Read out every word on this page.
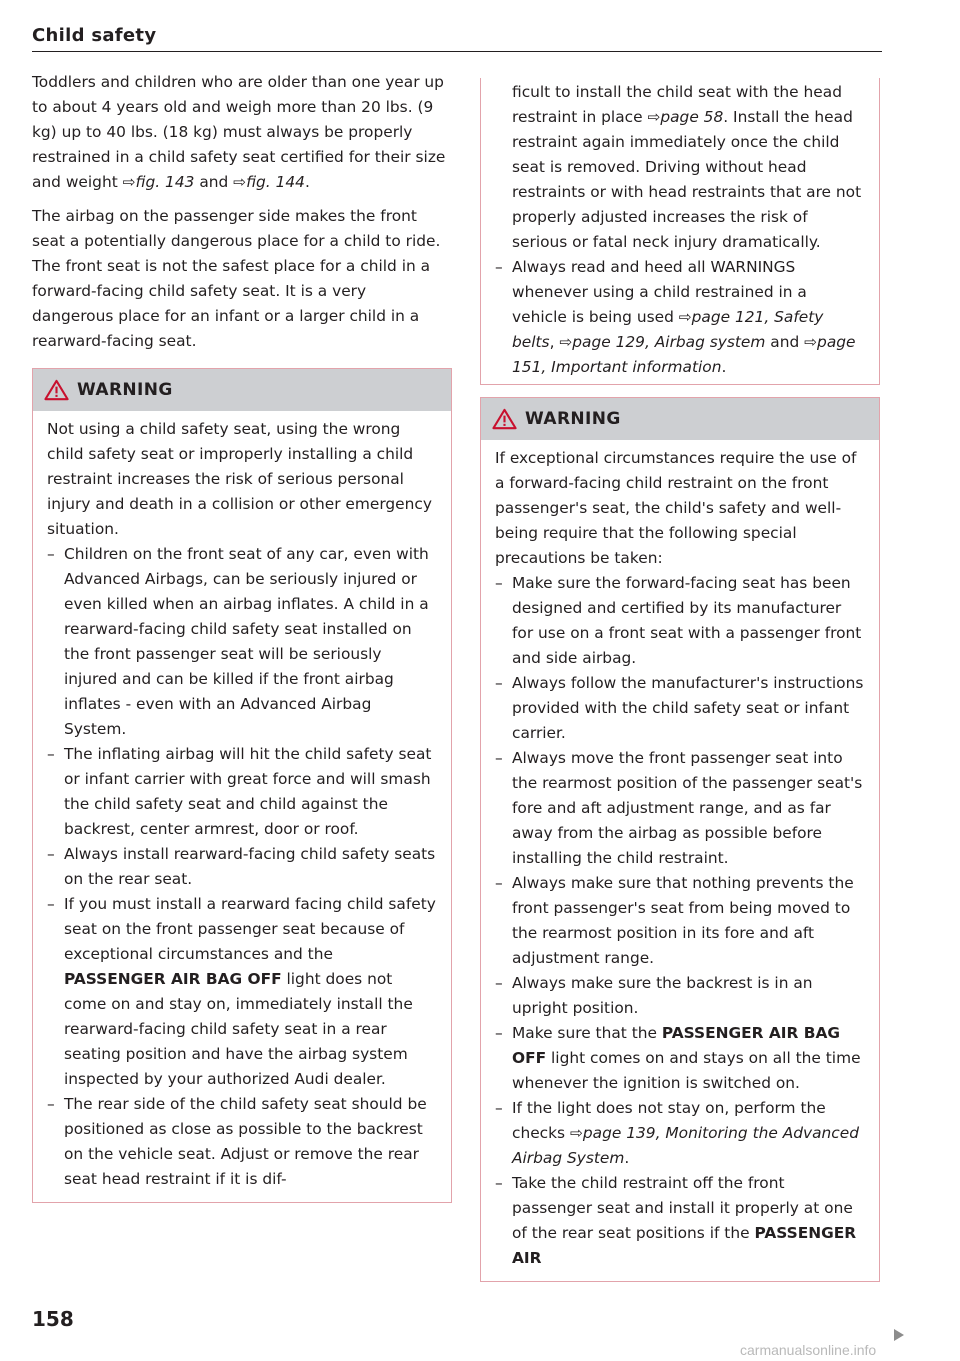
Child safety

Toddlers and children who are older than one year up to about 4 years old and weigh more than 20 lbs. (9 kg) up to 40 lbs. (18 kg) must always be properly restrained in a child safety seat certified for their size and weight ⇨fig. 143 and ⇨fig. 144.

The airbag on the passenger side makes the front seat a potentially dangerous place for a child to ride. The front seat is not the safest place for a child in a forward-facing child safety seat. It is a very dangerous place for an infant or a larger child in a rearward-facing seat.

WARNING

Not using a child safety seat, using the wrong child safety seat or improperly installing a child restraint increases the risk of serious personal injury and death in a collision or other emergency situation.

– Children on the front seat of any car, even with Advanced Airbags, can be seriously injured or even killed when an airbag inflates. A child in a rearward-facing child safety seat installed on the front passenger seat will be seriously injured and can be killed if the front airbag inflates - even with an Advanced Airbag System.
– The inflating airbag will hit the child safety seat or infant carrier with great force and will smash the child safety seat and child against the backrest, center armrest, door or roof.
– Always install rearward-facing child safety seats on the rear seat.
– If you must install a rearward facing child safety seat on the front passenger seat because of exceptional circumstances and the PASSENGER AIR BAG OFF light does not come on and stay on, immediately install the rearward-facing child safety seat in a rear seating position and have the airbag system inspected by your authorized Audi dealer.
– The rear side of the child safety seat should be positioned as close as possible to the backrest on the vehicle seat. Adjust or remove the rear seat head restraint if it is dif-

ficult to install the child seat with the head restraint in place ⇨page 58. Install the head restraint again immediately once the child seat is removed. Driving without head restraints or with head restraints that are not properly adjusted increases the risk of serious or fatal neck injury dramatically.

– Always read and heed all WARNINGS whenever using a child restrained in a vehicle is being used ⇨page 121, Safety belts, ⇨page 129, Airbag system and ⇨page 151, Important information.
WARNING

If exceptional circumstances require the use of a forward-facing child restraint on the front passenger's seat, the child's safety and well-being require that the following special precautions be taken:

– Make sure the forward-facing seat has been designed and certified by its manufacturer for use on a front seat with a passenger front and side airbag.
– Always follow the manufacturer's instructions provided with the child safety seat or infant carrier.
– Always move the front passenger seat into the rearmost position of the passenger seat's fore and aft adjustment range, and as far away from the airbag as possible before installing the child restraint.
– Always make sure that nothing prevents the front passenger's seat from being moved to the rearmost position in its fore and aft adjustment range.
– Always make sure the backrest is in an upright position.
– Make sure that the PASSENGER AIR BAG OFF light comes on and stays on all the time whenever the ignition is switched on.
– If the light does not stay on, perform the checks ⇨page 139, Monitoring the Advanced Airbag System.
– Take the child restraint off the front passenger seat and install it properly at one of the rear seat positions if the PASSENGER AIR

158

carmanualsonline.info
